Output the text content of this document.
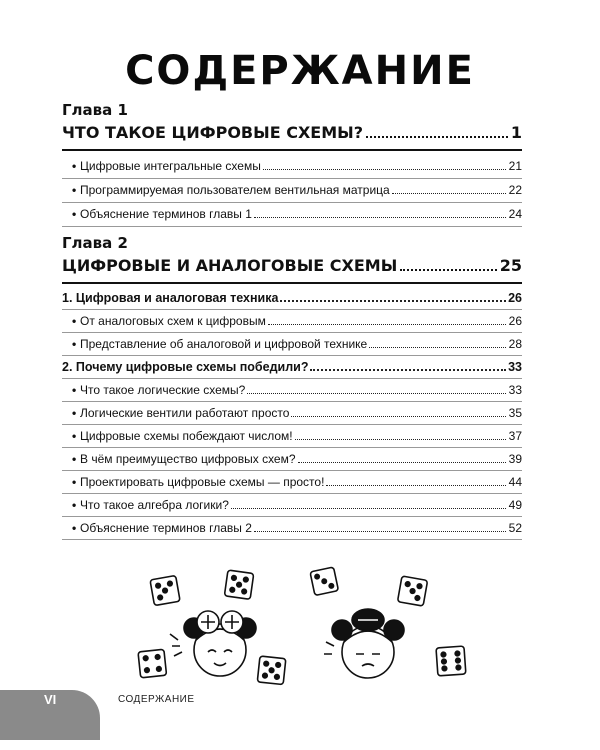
СОДЕРЖАНИЕ
Глава 1
ЧТО ТАКОЕ ЦИФРОВЫЕ СХЕМЫ?	1
• Цифровые интегральные схемы	21
• Программируемая пользователем вентильная матрица	22
• Объяснение терминов главы 1	24
Глава 2
ЦИФРОВЫЕ И АНАЛОГОВЫЕ СХЕМЫ	25
1. Цифровая и аналоговая техника	26
• От аналоговых схем к цифровым	26
• Представление об аналоговой и цифровой технике	28
2. Почему цифровые схемы победили?	33
• Что такое логические схемы?	33
• Логические вентили работают просто	35
• Цифровые схемы побеждают числом!	37
• В чём преимущество цифровых схем?	39
• Проектировать цифровые схемы — просто!	44
• Что такое алгебра логики?	49
• Объяснение терминов главы 2	52
VI	СОДЕРЖАНИЕ
